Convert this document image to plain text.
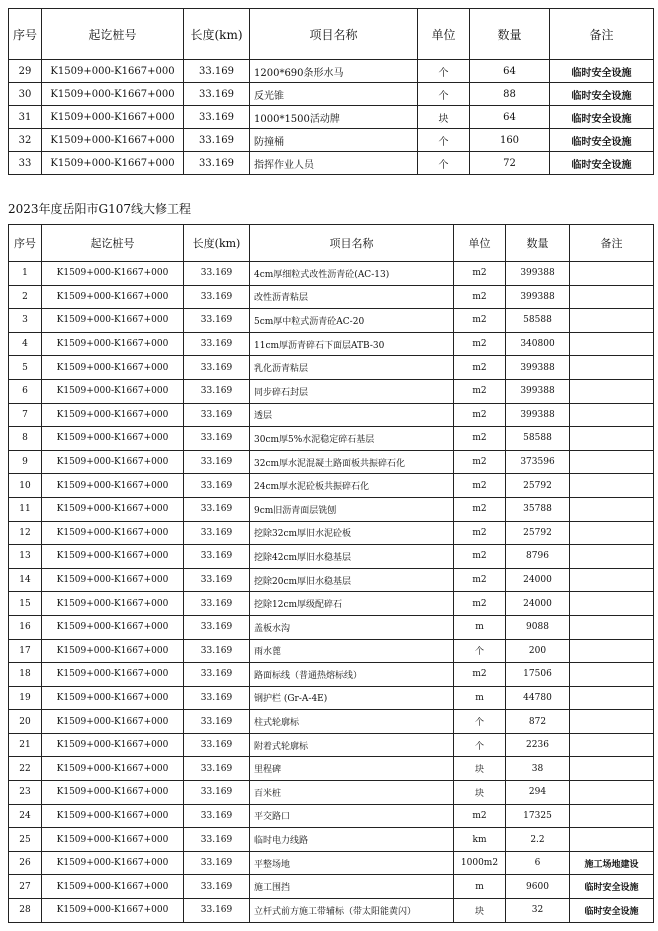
序号	起讫桩号	长度(km)	项目名称	单位	数量	备注
29	K1509+000-K1667+000	33.169	1200*690条形水马	个	64	临时安全设施
30	K1509+000-K1667+000	33.169	反光锥	个	88	临时安全设施
31	K1509+000-K1667+000	33.169	1000*1500活动牌	块	64	临时安全设施
32	K1509+000-K1667+000	33.169	防撞桶	个	160	临时安全设施
33	K1509+000-K1667+000	33.169	指挥作业人员	个	72	临时安全设施
2023年度岳阳市G107线大修工程
序号	起讫桩号	长度(km)	项目名称	单位	数量	备注
1	K1509+000-K1667+000	33.169	4cm厚细粒式改性沥青砼(AC-13)	m2	399388	
2	K1509+000-K1667+000	33.169	改性沥青粘层	m2	399388	
3	K1509+000-K1667+000	33.169	5cm厚中粒式沥青砼AC-20	m2	58588	
4	K1509+000-K1667+000	33.169	11cm厚沥青碎石下面层ATB-30	m2	340800	
5	K1509+000-K1667+000	33.169	乳化沥青粘层	m2	399388	
6	K1509+000-K1667+000	33.169	同步碎石封层	m2	399388	
7	K1509+000-K1667+000	33.169	透层	m2	399388	
8	K1509+000-K1667+000	33.169	30cm厚5%水泥稳定碎石基层	m2	58588	
9	K1509+000-K1667+000	33.169	32cm厚水泥混凝土路面板共振碎石化	m2	373596	
10	K1509+000-K1667+000	33.169	24cm厚水泥砼板共振碎石化	m2	25792	
11	K1509+000-K1667+000	33.169	9cm旧沥青面层铣刨	m2	35788	
12	K1509+000-K1667+000	33.169	挖除32cm厚旧水泥砼板	m2	25792	
13	K1509+000-K1667+000	33.169	挖除42cm厚旧水稳基层	m2	8796	
14	K1509+000-K1667+000	33.169	挖除20cm厚旧水稳基层	m2	24000	
15	K1509+000-K1667+000	33.169	挖除12cm厚级配碎石	m2	24000	
16	K1509+000-K1667+000	33.169	盖板水沟	m	9088	
17	K1509+000-K1667+000	33.169	雨水蓖	个	200	
18	K1509+000-K1667+000	33.169	路面标线（普通热熔标线）	m2	17506	
19	K1509+000-K1667+000	33.169	钢护栏 (Gr-A-4E)	m	44780	
20	K1509+000-K1667+000	33.169	柱式轮廓标	个	872	
21	K1509+000-K1667+000	33.169	附着式轮廓标	个	2236	
22	K1509+000-K1667+000	33.169	里程碑	块	38	
23	K1509+000-K1667+000	33.169	百米桩	块	294	
24	K1509+000-K1667+000	33.169	平交路口	m2	17325	
25	K1509+000-K1667+000	33.169	临时电力线路	km	2.2	
26	K1509+000-K1667+000	33.169	平整场地	1000m2	6	施工场地建设
27	K1509+000-K1667+000	33.169	施工围挡	m	9600	临时安全设施
28	K1509+000-K1667+000	33.169	立杆式前方施工带辅标（带太阳能黄闪）	块	32	临时安全设施
